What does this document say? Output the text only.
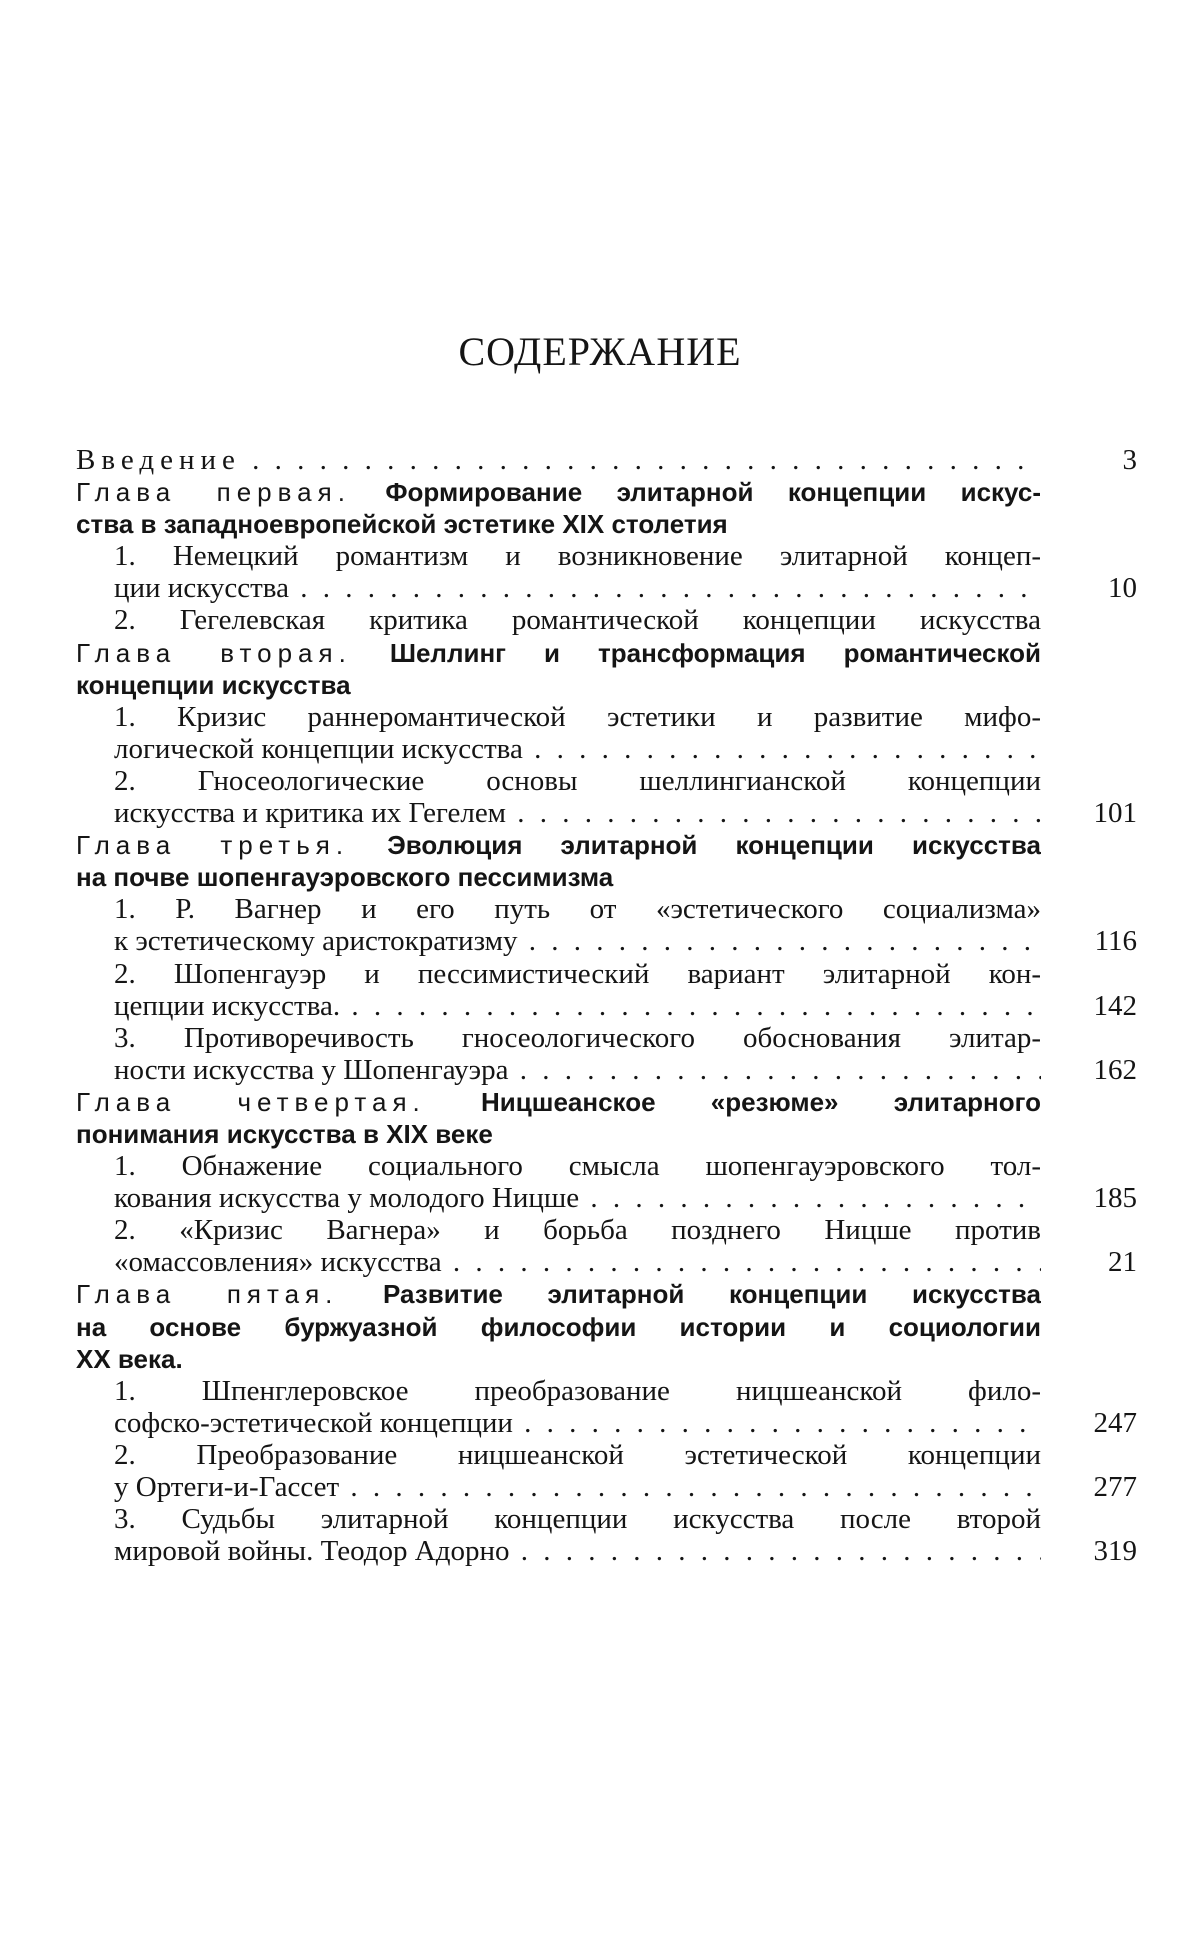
СОДЕРЖАНИЕ
Введение . . .	3
Глава первая. Формирование элитарной концепции искус-
ства в западноевропейской эстетике XIX столетия
1. Немецкий романтизм и возникновение элитарной концеп-
ции искусства . . .	10
2. Гегелевская критика романтической концепции искусства
Глава вторая. Шеллинг и трансформация романтической
концепции искусства
1. Кризис раннеромантической эстетики и развитие мифо-
логической концепции искусства . . .
2. Гносеологические основы шеллингианской концепции
искусства и критика их Гегелем . . .	101
Глава третья. Эволюция элитарной концепции искусства
на почве шопенгауэровского пессимизма
1. Р. Вагнер и его путь от «эстетического социализма»
к эстетическому аристократизму . . .	116
2. Шопенгауэр и пессимистический вариант элитарной кон-
цепции искусства. . . .	142
3. Противоречивость гносеологического обоснования элитар-
ности искусства у Шопенгауэра . . .	162
Глава четвертая. Ницшеанское «резюме» элитарного
понимания искусства в XIX веке
1. Обнажение социального смысла шопенгауэровского тол-
кования искусства у молодого Ницше . . .	185
2. «Кризис Вагнера» и борьба позднего Ницше против
«омассовления» искусства . . .	21
Глава пятая. Развитие элитарной концепции искусства
на основе буржуазной философии истории и социологии
XX века.
1. Шпенглеровское преобразование ницшеанской фило-
софско-эстетической концепции . . .	247
2. Преобразование ницшеанской эстетической концепции
у Ортеги-и-Гассет . . .	277
3. Судьбы элитарной концепции искусства после второй
мировой войны. Теодор Адорно . . .	319
